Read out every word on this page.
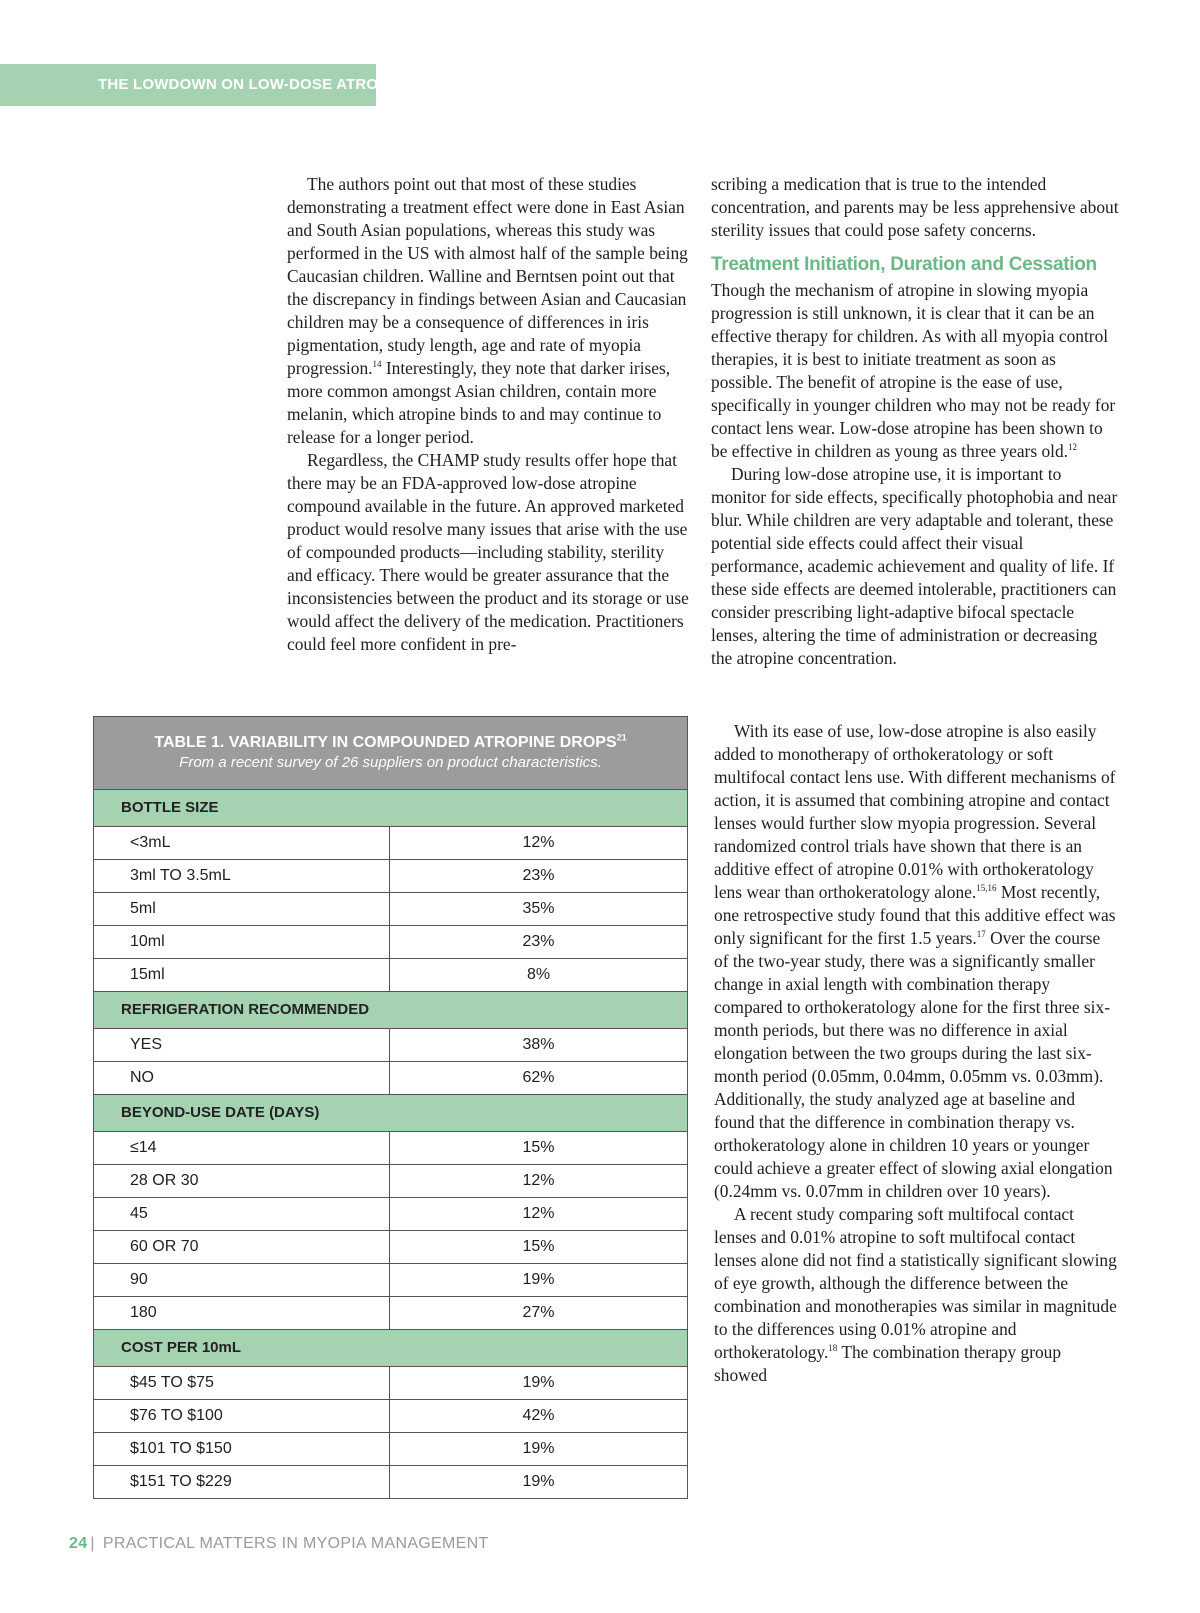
THE LOWDOWN ON LOW-DOSE ATROPINE

The authors point out that most of these studies demonstrating a treatment effect were done in East Asian and South Asian populations, whereas this study was performed in the US with almost half of the sample being Caucasian children. Walline and Berntsen point out that the discrepancy in findings between Asian and Caucasian children may be a consequence of differences in iris pigmentation, study length, age and rate of myopia progression.$^{14}$ Interestingly, they note that darker irises, more common amongst Asian children, contain more melanin, which atropine binds to and may continue to release for a longer period.

Regardless, the CHAMP study results offer hope that there may be an FDA-approved low-dose atropine compound available in the future. An approved marketed product would resolve many issues that arise with the use of compounded products—including stability, sterility and efficacy. There would be greater assurance that the inconsistencies between the product and its storage or use would affect the delivery of the medication. Practitioners could feel more confident in pre-

scribing a medication that is true to the intended concentration, and parents may be less apprehensive about sterility issues that could pose safety concerns.

Treatment Initiation, Duration and Cessation

Though the mechanism of atropine in slowing myopia progression is still unknown, it is clear that it can be an effective therapy for children. As with all myopia control therapies, it is best to initiate treatment as soon as possible. The benefit of atropine is the ease of use, specifically in younger children who may not be ready for contact lens wear. Low-dose atropine has been shown to be effective in children as young as three years old.$^{12}$

During low-dose atropine use, it is important to monitor for side effects, specifically photophobia and near blur. While children are very adaptable and tolerant, these potential side effects could affect their visual performance, academic achievement and quality of life. If these side effects are deemed intolerable, practitioners can consider prescribing light-adaptive bifocal spectacle lenses, altering the time of administration or decreasing the atropine concentration.

With its ease of use, low-dose atropine is also easily added to monotherapy of orthokeratology or soft multifocal contact lens use. With different mechanisms of action, it is assumed that combining atropine and contact lenses would further slow myopia progression. Several randomized control trials have shown that there is an additive effect of atropine 0.01% with orthokeratology lens wear than orthokeratology alone.$^{15,16}$ Most recently, one retrospective study found that this additive effect was only significant for the first 1.5 years.$^{17}$ Over the course of the two-year study, there was a significantly smaller change in axial length with combination therapy compared to orthokeratology alone for the first three six-month periods, but there was no difference in axial elongation between the two groups during the last six-month period (0.05mm, 0.04mm, 0.05mm vs. 0.03mm). Additionally, the study analyzed age at baseline and found that the difference in combination therapy vs. orthokeratology alone in children 10 years or younger could achieve a greater effect of slowing axial elongation (0.24mm vs. 0.07mm in children over 10 years).

A recent study comparing soft multifocal contact lenses and 0.01% atropine to soft multifocal contact lenses alone did not find a statistically significant slowing of eye growth, although the difference between the combination and monotherapies was similar in magnitude to the differences using 0.01% atropine and orthokeratology.$^{18}$ The combination therapy group showed

TABLE 1. VARIABILITY IN COMPOUNDED ATROPINE DROPS$^{21}$
From a recent survey of 26 suppliers on product characteristics.
BOTTLE SIZE
<3mL	12%
3ml TO 3.5mL	23%
5ml	35%
10ml	23%
15ml	8%
REFRIGERATION RECOMMENDED
YES	38%
NO	62%
BEYOND-USE DATE (DAYS)
≤14	15%
28 OR 30	12%
45	12%
60 OR 70	15%
90	19%
180	27%
COST PER 10mL
$45 TO $75	19%
$76 TO $100	42%
$101 TO $150	19%
$151 TO $229	19%
24 | PRACTICAL MATTERS IN MYOPIA MANAGEMENT
